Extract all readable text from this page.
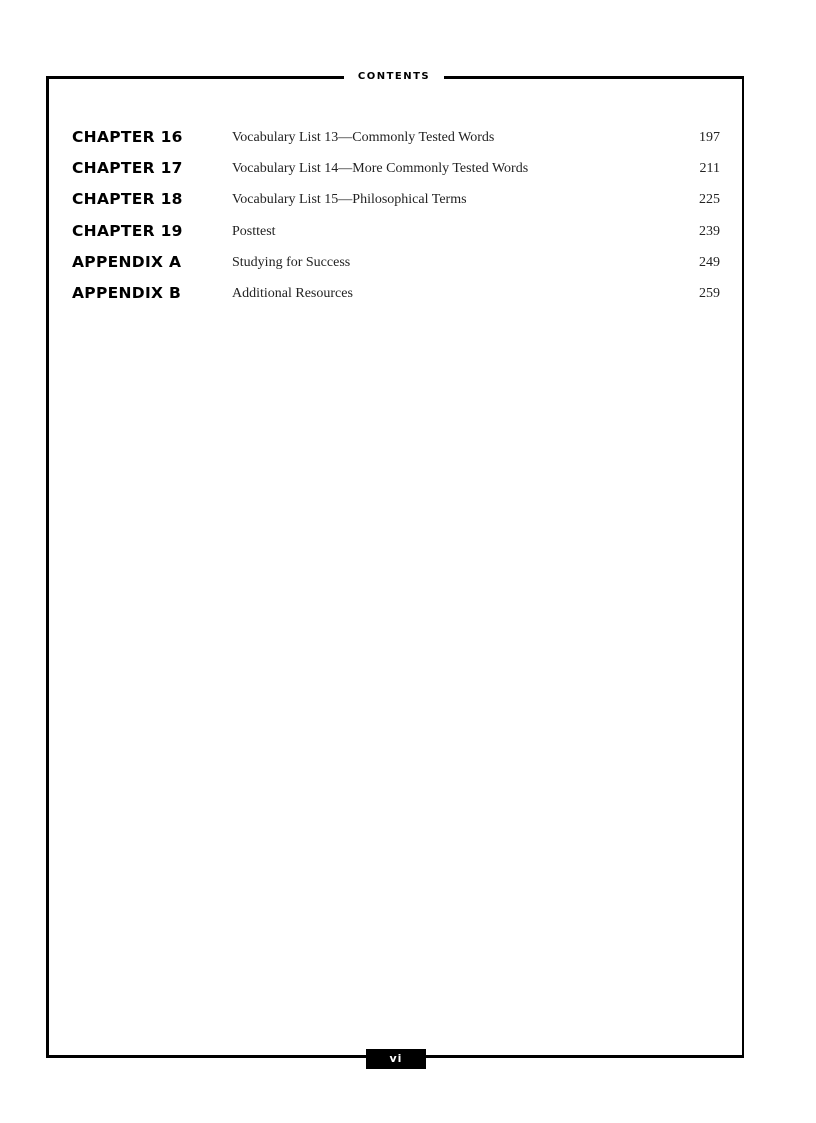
CONTENTS
CHAPTER 16	Vocabulary List 13—Commonly Tested Words	197
CHAPTER 17	Vocabulary List 14—More Commonly Tested Words	211
CHAPTER 18	Vocabulary List 15—Philosophical Terms	225
CHAPTER 19	Posttest	239
APPENDIX A	Studying for Success	249
APPENDIX B	Additional Resources	259
vi
